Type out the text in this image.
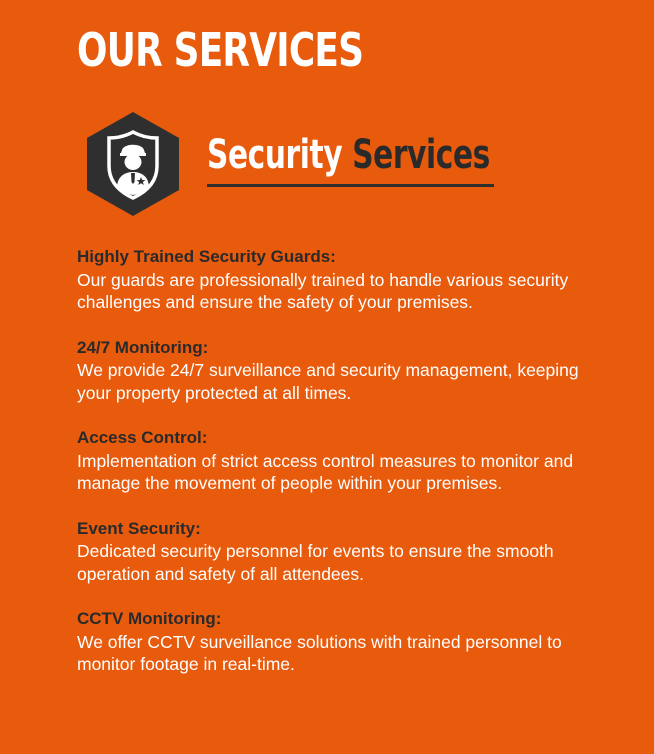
OUR SERVICES
Security Services
Highly Trained Security Guards:
Our guards are professionally trained to handle various security challenges and ensure the safety of your premises.
24/7 Monitoring:
We provide 24/7 surveillance and security management, keeping your property protected at all times.
Access Control:
Implementation of strict access control measures to monitor and manage the movement of people within your premises.
Event Security:
Dedicated security personnel for events to ensure the smooth operation and safety of all attendees.
CCTV Monitoring:
We offer CCTV surveillance solutions with trained personnel to monitor footage in real-time.
